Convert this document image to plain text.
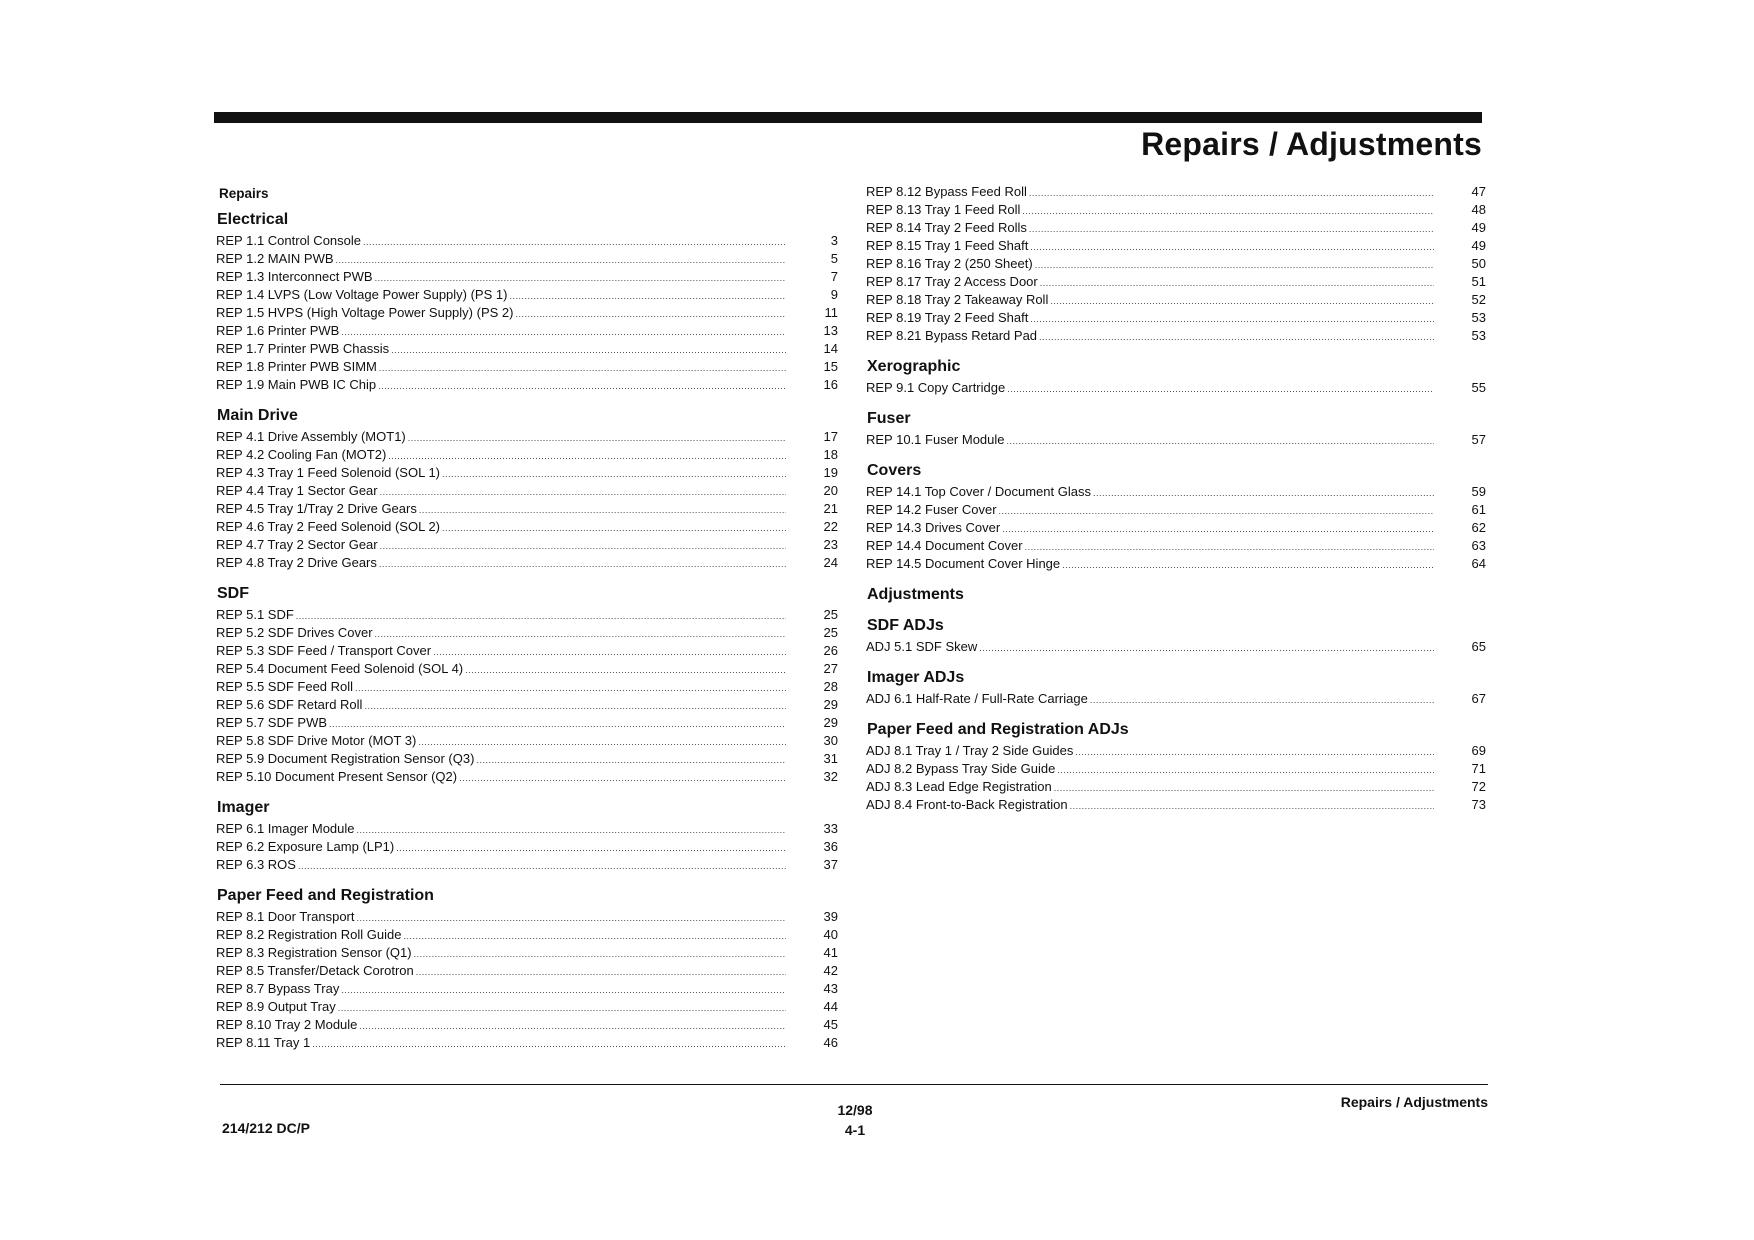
Repairs / Adjustments
Repairs
Electrical
REP 1.1 Control Console .....	3
REP 1.2 MAIN PWB .....	5
REP 1.3 Interconnect PWB .....	7
REP 1.4 LVPS (Low Voltage Power Supply) (PS 1) .....	9
REP 1.5 HVPS (High Voltage Power Supply) (PS 2) .....	11
REP 1.6 Printer PWB .....	13
REP 1.7 Printer PWB Chassis .....	14
REP 1.8 Printer PWB SIMM .....	15
REP 1.9 Main PWB IC Chip .....	16
Main Drive
REP 4.1 Drive Assembly (MOT1) .....	17
REP 4.2 Cooling Fan (MOT2) .....	18
REP 4.3 Tray 1 Feed Solenoid (SOL 1) .....	19
REP 4.4 Tray 1 Sector Gear .....	20
REP 4.5 Tray 1/Tray 2 Drive Gears .....	21
REP 4.6 Tray 2 Feed Solenoid (SOL 2) .....	22
REP 4.7 Tray 2 Sector Gear .....	23
REP 4.8 Tray 2 Drive Gears .....	24
SDF
REP 5.1 SDF .....	25
REP 5.2 SDF Drives Cover .....	25
REP 5.3 SDF Feed / Transport Cover .....	26
REP 5.4 Document Feed Solenoid (SOL 4) .....	27
REP 5.5 SDF Feed Roll .....	28
REP 5.6 SDF Retard Roll .....	29
REP 5.7 SDF PWB .....	29
REP 5.8 SDF Drive Motor (MOT 3) .....	30
REP 5.9 Document Registration Sensor (Q3) .....	31
REP 5.10 Document Present Sensor (Q2) .....	32
Imager
REP 6.1 Imager Module .....	33
REP 6.2 Exposure Lamp (LP1) .....	36
REP 6.3 ROS .....	37
Paper Feed and Registration
REP 8.1 Door Transport .....	39
REP 8.2 Registration Roll Guide .....	40
REP 8.3 Registration Sensor (Q1) .....	41
REP 8.5 Transfer/Detack Corotron .....	42
REP 8.7 Bypass Tray .....	43
REP 8.9 Output Tray .....	44
REP 8.10 Tray 2 Module .....	45
REP 8.11 Tray 1 .....	46
REP 8.12 Bypass Feed Roll .....	47
REP 8.13 Tray 1 Feed Roll .....	48
REP 8.14 Tray 2 Feed Rolls .....	49
REP 8.15 Tray 1 Feed Shaft .....	49
REP 8.16 Tray 2 (250 Sheet) .....	50
REP 8.17 Tray 2 Access Door .....	51
REP 8.18 Tray 2 Takeaway Roll .....	52
REP 8.19 Tray 2 Feed Shaft .....	53
REP 8.21 Bypass Retard Pad .....	53
Xerographic
REP 9.1 Copy Cartridge .....	55
Fuser
REP 10.1 Fuser Module .....	57
Covers
REP 14.1 Top Cover / Document Glass .....	59
REP 14.2 Fuser Cover .....	61
REP 14.3 Drives Cover .....	62
REP 14.4 Document Cover .....	63
REP 14.5 Document Cover Hinge .....	64
Adjustments
SDF ADJs
ADJ 5.1 SDF Skew .....	65
Imager ADJs
ADJ 6.1 Half-Rate / Full-Rate Carriage .....	67
Paper Feed and Registration ADJs
ADJ 8.1 Tray 1 / Tray 2 Side Guides .....	69
ADJ 8.2 Bypass Tray Side Guide .....	71
ADJ 8.3 Lead Edge Registration .....	72
ADJ 8.4 Front-to-Back Registration .....	73
214/212 DC/P
12/98
4-1
Repairs / Adjustments
